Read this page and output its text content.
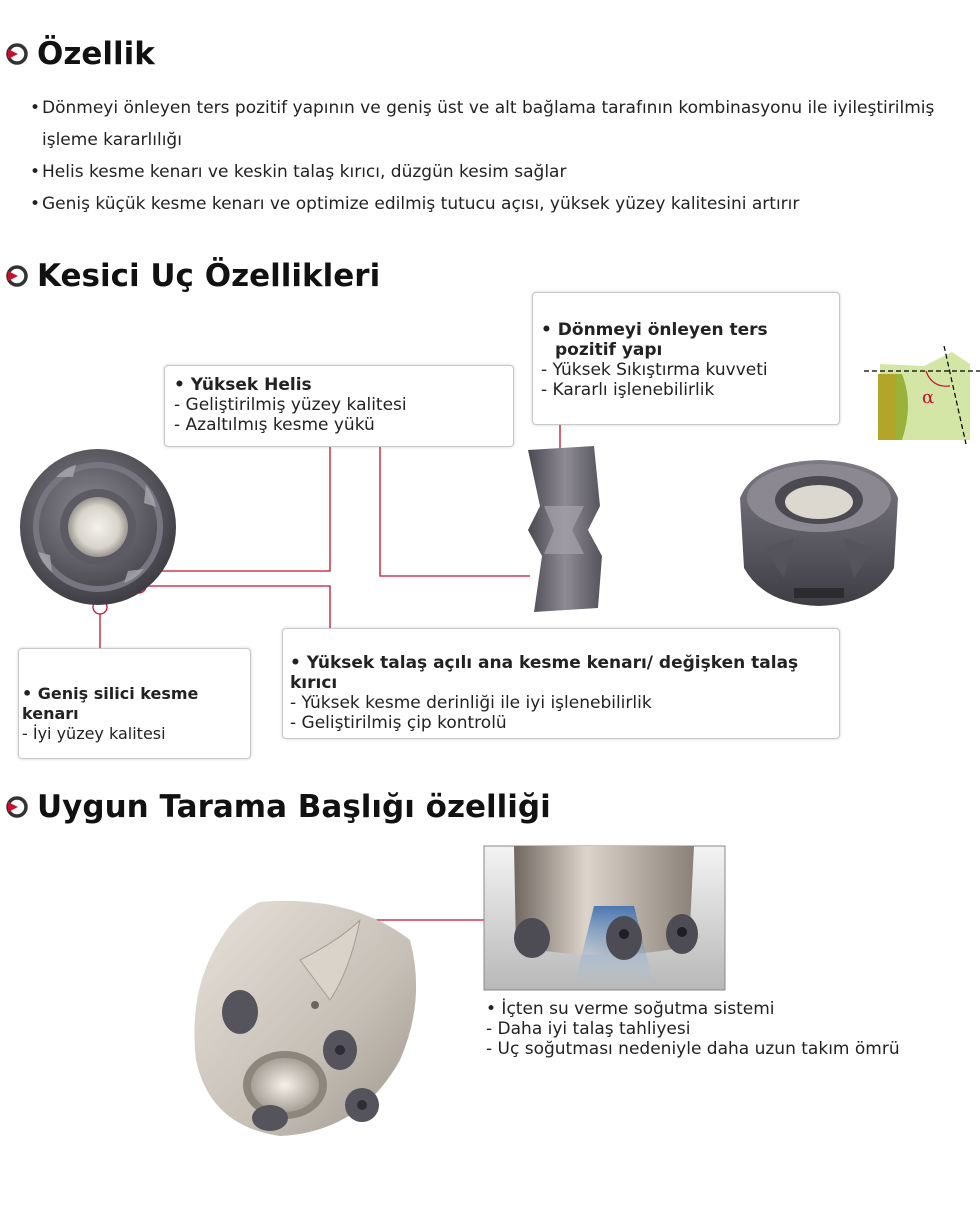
Özellik
• Dönmeyi önleyen ters pozitif yapının ve geniş üst ve alt bağlama tarafının kombinasyonu ile iyileştirilmiş işleme kararlılığı
• Helis kesme kenarı ve keskin talaş kırıcı, düzgün kesim sağlar
• Geniş küçük kesme kenarı ve optimize edilmiş tutucu açısı, yüksek yüzey kalitesini artırır
Kesici Uç Özellikleri
α
• Yüksek Helis
- Geliştirilmiş yüzey kalitesi
- Azaltılmış kesme yükü
• Dönmeyi önleyen ters
pozitif yapı
- Yüksek Sıkıştırma kuvveti
- Kararlı işlenebilirlik
• Geniş silici kesme kenarı
- İyi yüzey kalitesi
• Yüksek talaş açılı ana kesme kenarı/ değişken talaş kırıcı
- Yüksek kesme derinliği ile iyi işlenebilirlik
- Geliştirilmiş çip kontrolü
Uygun Tarama Başlığı özelliği
• İçten su verme soğutma sistemi
- Daha iyi talaş tahliyesi
- Uç soğutması nedeniyle daha uzun takım ömrü
